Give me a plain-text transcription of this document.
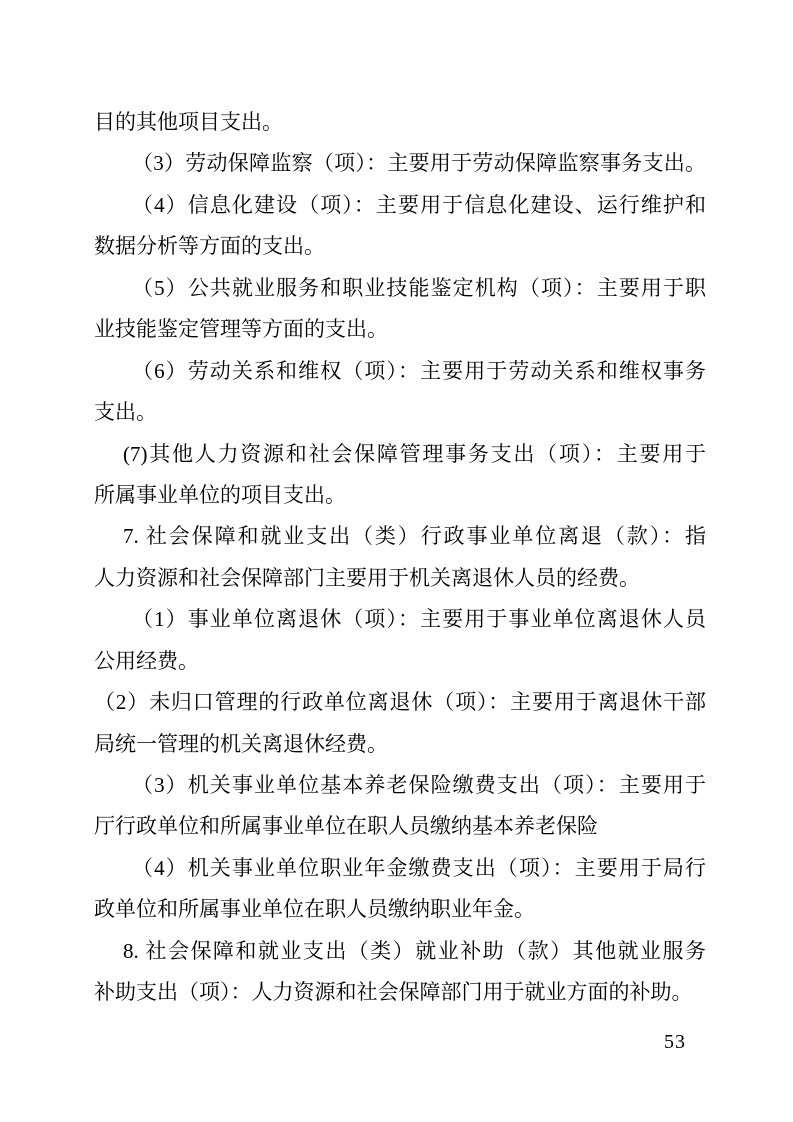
目的其他项目支出。
（3）劳动保障监察（项）：主要用于劳动保障监察事务支出。
（4）信息化建设（项）：主要用于信息化建设、运行维护和
数据分析等方面的支出。
（5）公共就业服务和职业技能鉴定机构（项）：主要用于职
业技能鉴定管理等方面的支出。
（6）劳动关系和维权（项）：主要用于劳动关系和维权事务
支出。
(7)其他人力资源和社会保障管理事务支出（项）：主要用于
所属事业单位的项目支出。
7. 社会保障和就业支出（类）行政事业单位离退（款）：指
人力资源和社会保障部门主要用于机关离退休人员的经费。
（1）事业单位离退休（项）：主要用于事业单位离退休人员
公用经费。
（2）未归口管理的行政单位离退休（项）：主要用于离退休干部
局统一管理的机关离退休经费。
（3）机关事业单位基本养老保险缴费支出（项）：主要用于
厅行政单位和所属事业单位在职人员缴纳基本养老保险
（4）机关事业单位职业年金缴费支出（项）：主要用于局行
政单位和所属事业单位在职人员缴纳职业年金。
8. 社会保障和就业支出（类）就业补助（款）其他就业服务
补助支出（项）：人力资源和社会保障部门用于就业方面的补助。
53
